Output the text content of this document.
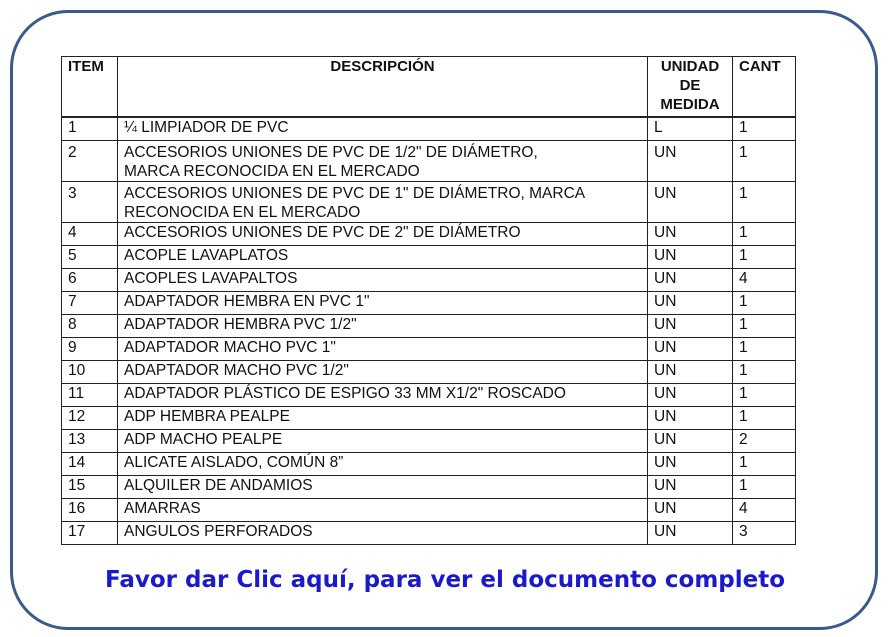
ITEM	DESCRIPCIÓN	UNIDAD
DE
MEDIDA	CANT
1	¼ LIMPIADOR DE PVC	L	1
2	ACCESORIOS UNIONES DE PVC DE 1/2" DE DIÁMETRO,
MARCA RECONOCIDA EN EL MERCADO	UN	1
3	ACCESORIOS UNIONES DE PVC DE 1" DE DIÁMETRO, MARCA
RECONOCIDA EN EL MERCADO	UN	1
4	ACCESORIOS UNIONES DE PVC DE 2" DE DIÁMETRO	UN	1
5	ACOPLE LAVAPLATOS	UN	1
6	ACOPLES LAVAPALTOS	UN	4
7	ADAPTADOR HEMBRA EN PVC 1"	UN	1
8	ADAPTADOR HEMBRA PVC 1/2"	UN	1
9	ADAPTADOR MACHO PVC 1"	UN	1
10	ADAPTADOR MACHO PVC 1/2"	UN	1
11	ADAPTADOR PLÁSTICO DE ESPIGO 33 MM X1/2" ROSCADO	UN	1
12	ADP HEMBRA PEALPE	UN	1
13	ADP MACHO PEALPE	UN	2
14	ALICATE AISLADO, COMÚN 8”	UN	1
15	ALQUILER DE ANDAMIOS	UN	1
16	AMARRAS	UN	4
17	ANGULOS PERFORADOS	UN	3
Favor dar Clic aquí, para ver el documento completo
